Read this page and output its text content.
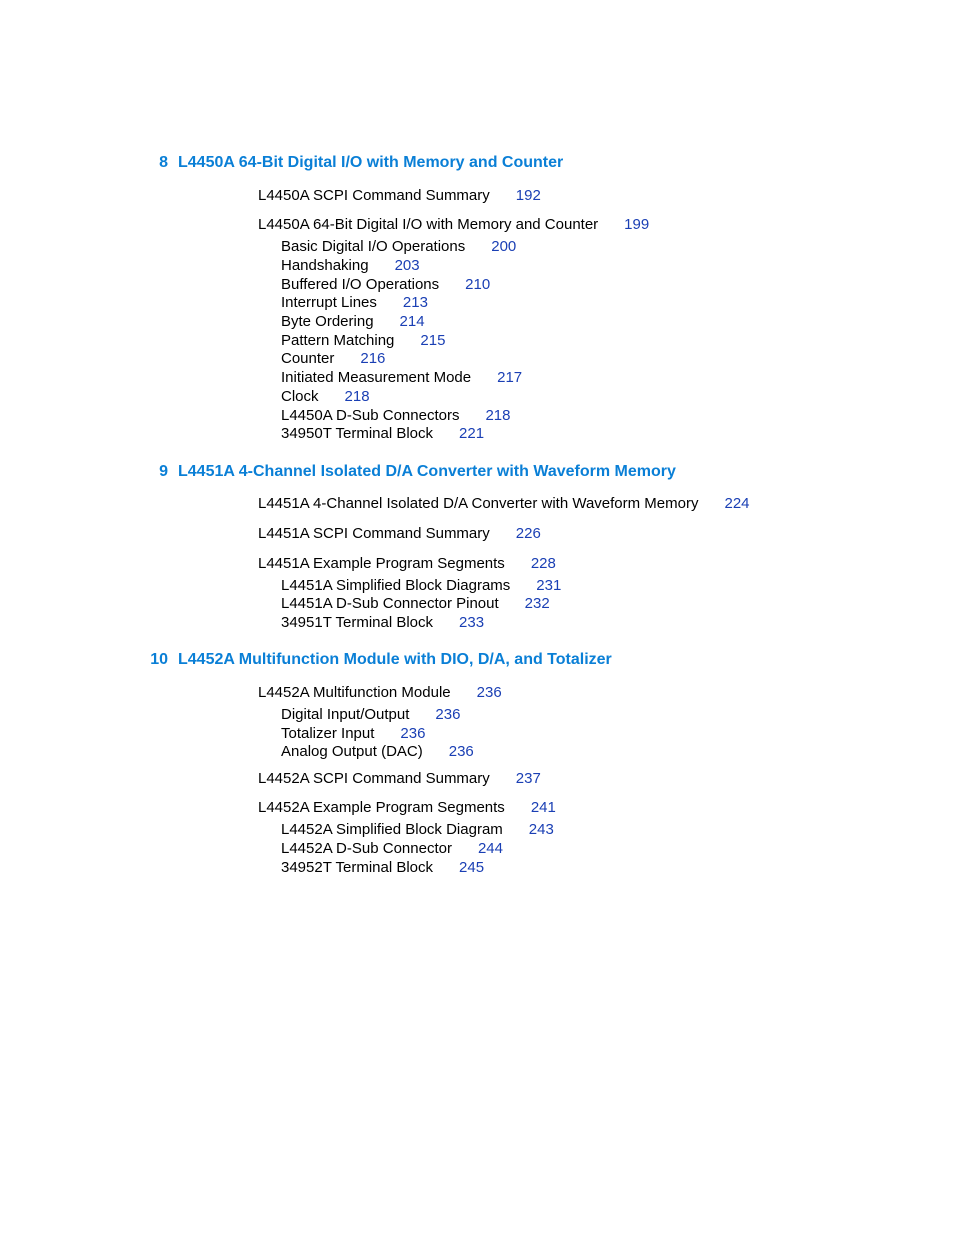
8 L4450A 64-Bit Digital I/O with Memory and Counter
L4450A SCPI Command Summary 192
L4450A 64-Bit Digital I/O with Memory and Counter 199
Basic Digital I/O Operations 200
Handshaking 203
Buffered I/O Operations 210
Interrupt Lines 213
Byte Ordering 214
Pattern Matching 215
Counter 216
Initiated Measurement Mode 217
Clock 218
L4450A D-Sub Connectors 218
34950T Terminal Block 221
9 L4451A 4-Channel Isolated D/A Converter with Waveform Memory
L4451A 4-Channel Isolated D/A Converter with Waveform Memory 224
L4451A SCPI Command Summary 226
L4451A Example Program Segments 228
L4451A Simplified Block Diagrams 231
L4451A D-Sub Connector Pinout 232
34951T Terminal Block 233
10 L4452A Multifunction Module with DIO, D/A, and Totalizer
L4452A Multifunction Module 236
Digital Input/Output 236
Totalizer Input 236
Analog Output (DAC) 236
L4452A SCPI Command Summary 237
L4452A Example Program Segments 241
L4452A Simplified Block Diagram 243
L4452A D-Sub Connector 244
34952T Terminal Block 245
